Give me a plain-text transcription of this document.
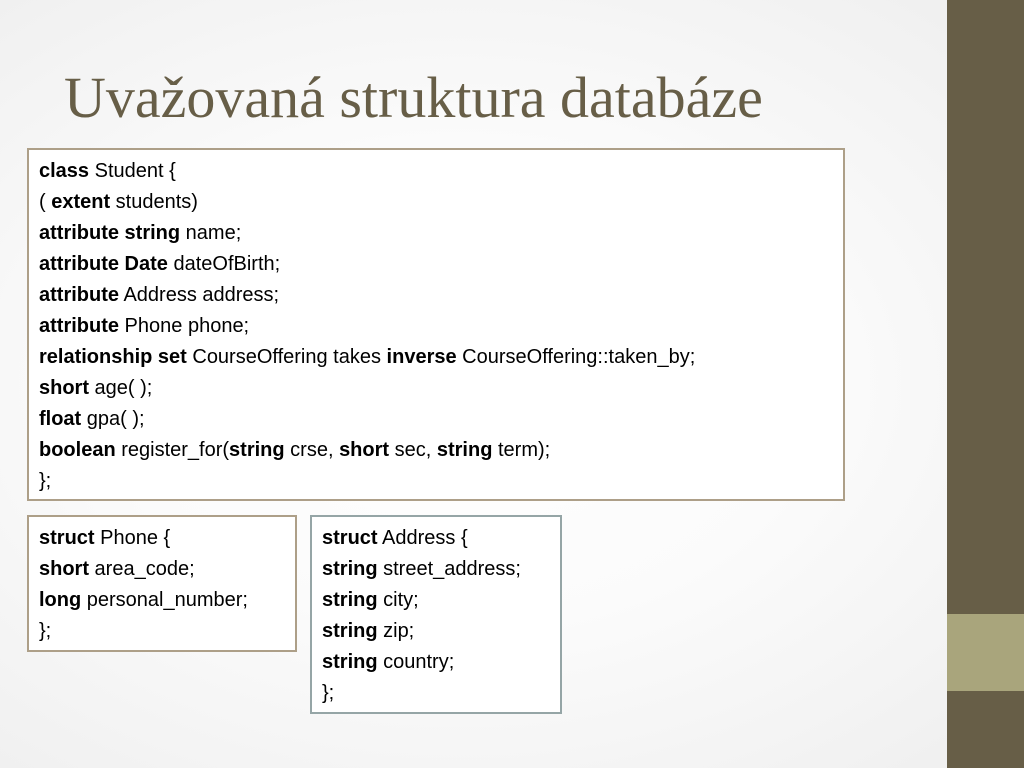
Uvažovaná struktura databáze
class Student {
( extent students)
attribute string name;
attribute Date dateOfBirth;
attribute Address address;
attribute Phone phone;
relationship set CourseOffering takes inverse CourseOffering::taken_by;
short age( );
float gpa( );
boolean register_for(string crse, short sec, string term);
};
struct Phone {
short area_code;
long personal_number;
};
struct Address {
string street_address;
string city;
string zip;
string country;
};
